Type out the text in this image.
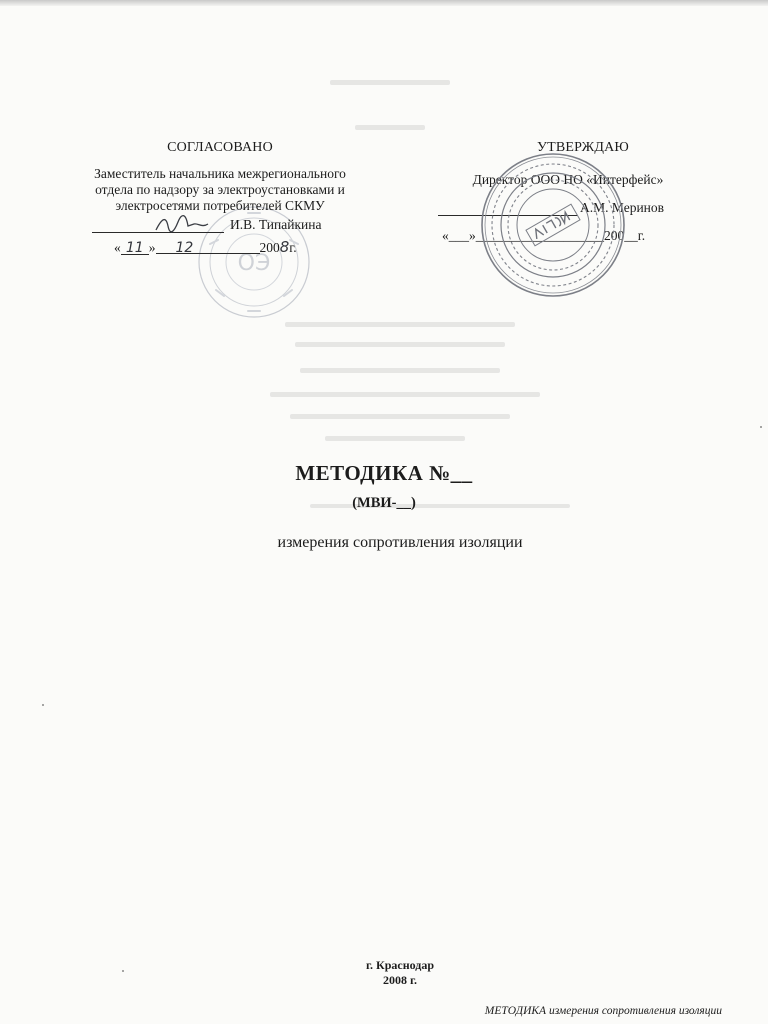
ОЭ
СОГЛАСОВАНО
Заместитель начальника межрегионального
отдела по надзору за электроустановками и
электросетями потребителей СКМУ
И.В. Типайкина
« 11 » 12	2008г.
УТВЕРЖДАЮ
Директор ООО НО «Интерфейс»
А.М. Меринов
«___»___________________200__г.
МЕТОДИКА №__
(МВИ-__)
измерения сопротивления изоляции
г. Краснодар
2008 г.
МЕТОДИКА измерения сопротивления изоляции
